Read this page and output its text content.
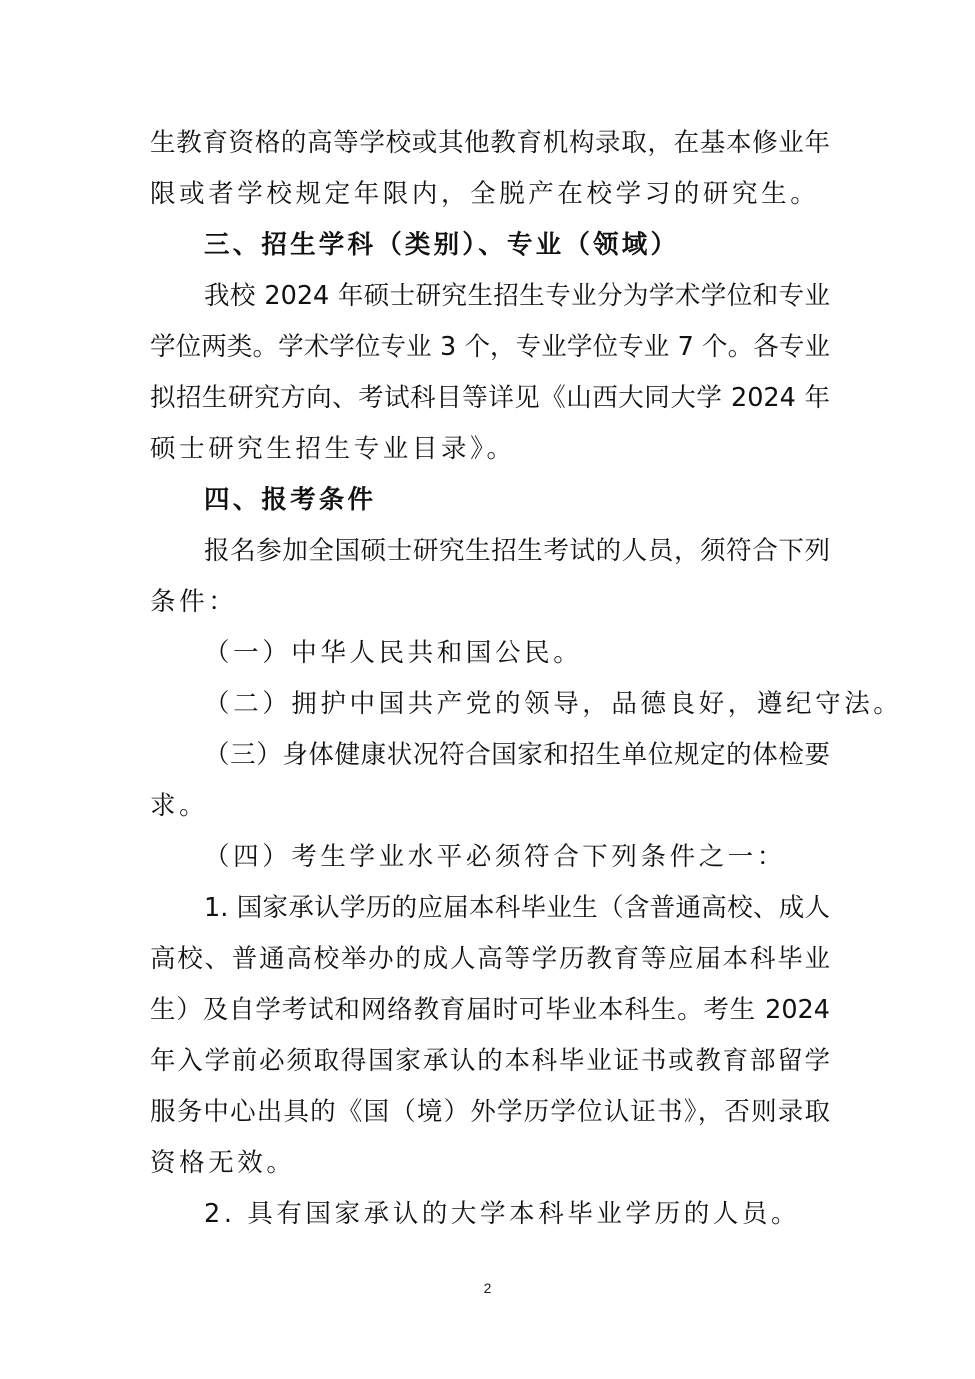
生教育资格的高等学校或其他教育机构录取，在基本修业年
限或者学校规定年限内，全脱产在校学习的研究生。
三、招生学科（类别）、专业（领域）
我校 2024 年硕士研究生招生专业分为学术学位和专业
学位两类。学术学位专业 3 个，专业学位专业 7 个。各专业
拟招生研究方向、考试科目等详见《山西大同大学 2024 年
硕士研究生招生专业目录》。
四、报考条件
报名参加全国硕士研究生招生考试的人员，须符合下列
条件：
（一）中华人民共和国公民。
（二）拥护中国共产党的领导，品德良好，遵纪守法。
（三）身体健康状况符合国家和招生单位规定的体检要
求。
（四）考生学业水平必须符合下列条件之一：
1. 国家承认学历的应届本科毕业生（含普通高校、成人
高校、普通高校举办的成人高等学历教育等应届本科毕业
生）及自学考试和网络教育届时可毕业本科生。考生 2024
年入学前必须取得国家承认的本科毕业证书或教育部留学
服务中心出具的《国（境）外学历学位认证书》，否则录取
资格无效。
2. 具有国家承认的大学本科毕业学历的人员。
2
